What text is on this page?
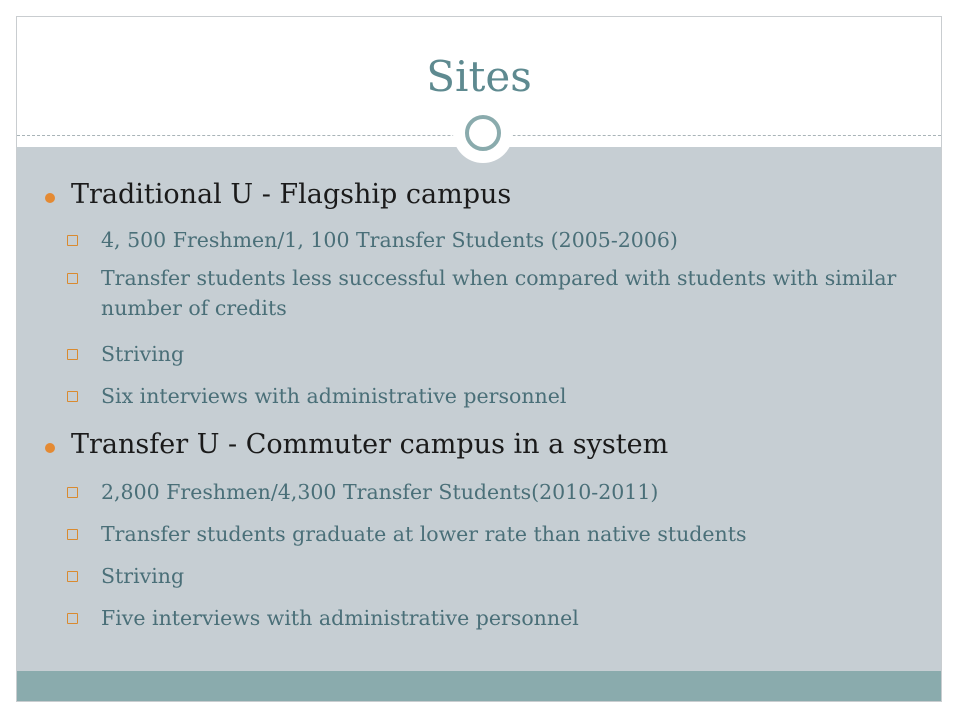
Sites
Traditional U - Flagship campus
4, 500 Freshmen/1, 100 Transfer Students (2005-2006)
Transfer students less successful when compared with students with similar number of credits
Striving
Six interviews with administrative personnel
Transfer U - Commuter campus in a system
2,800 Freshmen/4,300 Transfer Students(2010-2011)
Transfer students graduate at lower rate than native students
Striving
Five interviews with administrative personnel
